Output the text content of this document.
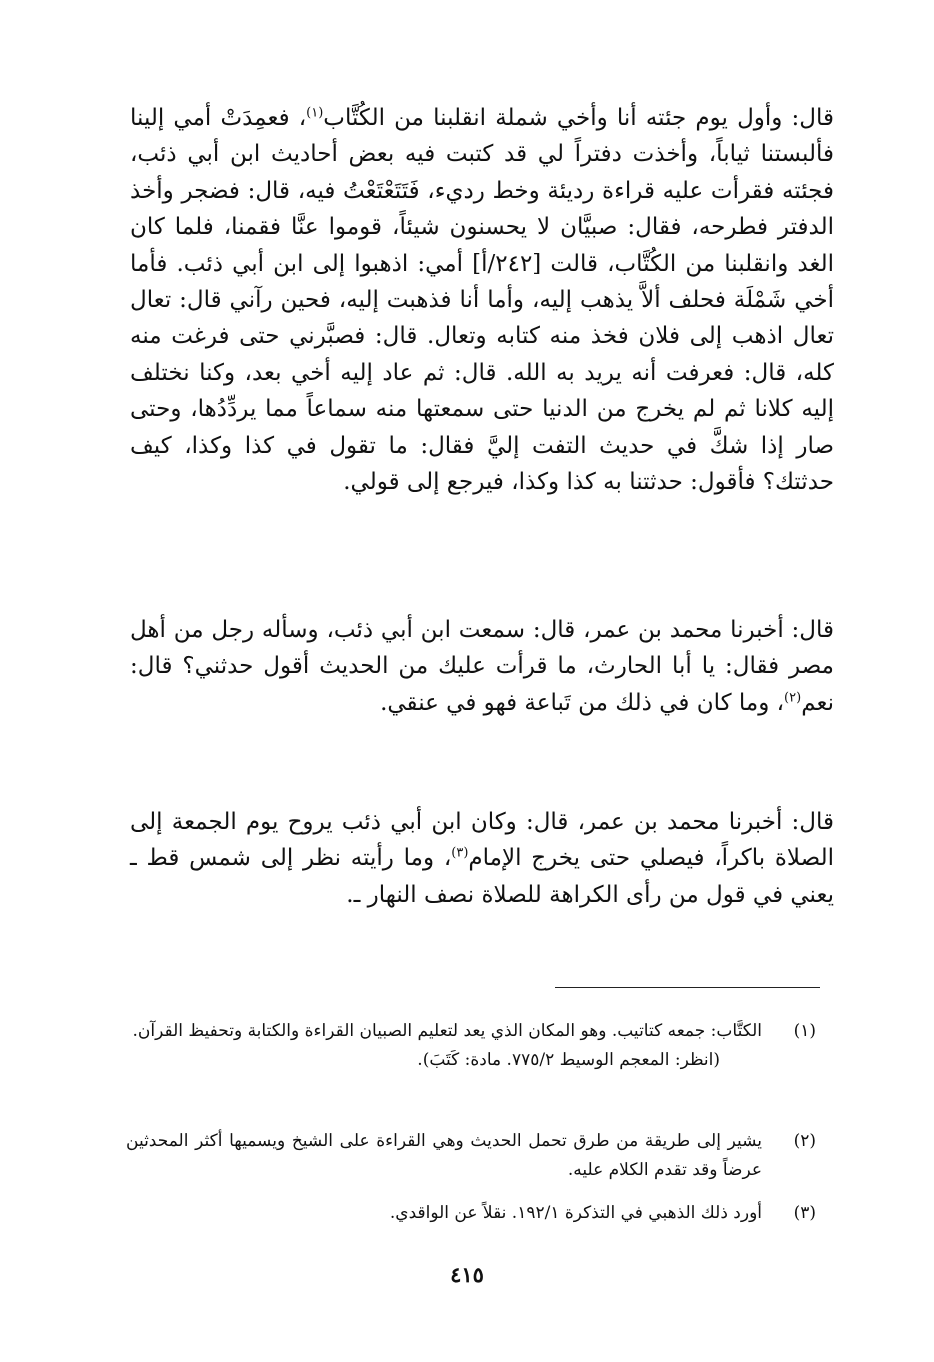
قال: وأول يوم جئته أنا وأخي شملة انقلبنا من الكُتَّاب$^{(١)}$، فعمِدَتْ أمي إلينا فألبستنا ثياباً، وأخذت دفتراً لي قد كتبت فيه بعض أحاديث ابن أبي ذئب، فجئته فقرأت عليه قراءة رديئة وخط رديء، فَتَتَعْتَعْتُ فيه، قال: فضجر وأخذ الدفتر فطرحه، فقال: صبيَّان لا يحسنون شيئاً، قوموا عنَّا فقمنا، فلما كان الغد وانقلبنا من الكُتَّاب، قالت [٢٤٢/أ] أمي: اذهبوا إلى ابن أبي ذئب. فأما أخي شَمْلَة فحلف ألاَّ يذهب إليه، وأما أنا فذهبت إليه، فحين رآني قال: تعال تعال اذهب إلى فلان فخذ منه كتابه وتعال. قال: فصبَّرني حتى فرغت منه كله، قال: فعرفت أنه يريد به الله. قال: ثم عاد إليه أخي بعد، وكنا نختلف إليه كلانا ثم لم يخرج من الدنيا حتى سمعتها منه سماعاً مما يردِّدُها، وحتى صار إذا شكَّ في حديث التفت إليَّ فقال: ما تقول في كذا وكذا، كيف حدثتك؟ فأقول: حدثتنا به كذا وكذا، فيرجع إلى قولي.

قال: أخبرنا محمد بن عمر، قال: سمعت ابن أبي ذئب، وسأله رجل من أهل مصر فقال: يا أبا الحارث، ما قرأت عليك من الحديث أقول حدثني؟ قال: نعم$^{(٢)}$، وما كان في ذلك من تَباعة فهو في عنقي.

قال: أخبرنا محمد بن عمر، قال: وكان ابن أبي ذئب يروح يوم الجمعة إلى الصلاة باكراً، فيصلي حتى يخرج الإمام$^{(٣)}$، وما رأيته نظر إلى شمس قط ـ يعني في قول من رأى الكراهة للصلاة نصف النهار ـ.

(١)
الكتَّاب: جمعه كتاتيب. وهو المكان الذي يعد لتعليم الصبيان القراءة والكتابة وتحفيظ القرآن.
(انظر: المعجم الوسيط ٧٧٥/٢. مادة: كَتَبَ).
(٢)
يشير إلى طريقة من طرق تحمل الحديث وهي القراءة على الشيخ ويسميها أكثر المحدثين عرضاً وقد تقدم الكلام عليه.
(٣)
أورد ذلك الذهبي في التذكرة ١٩٢/١. نقلاً عن الواقدي.
٤١٥
